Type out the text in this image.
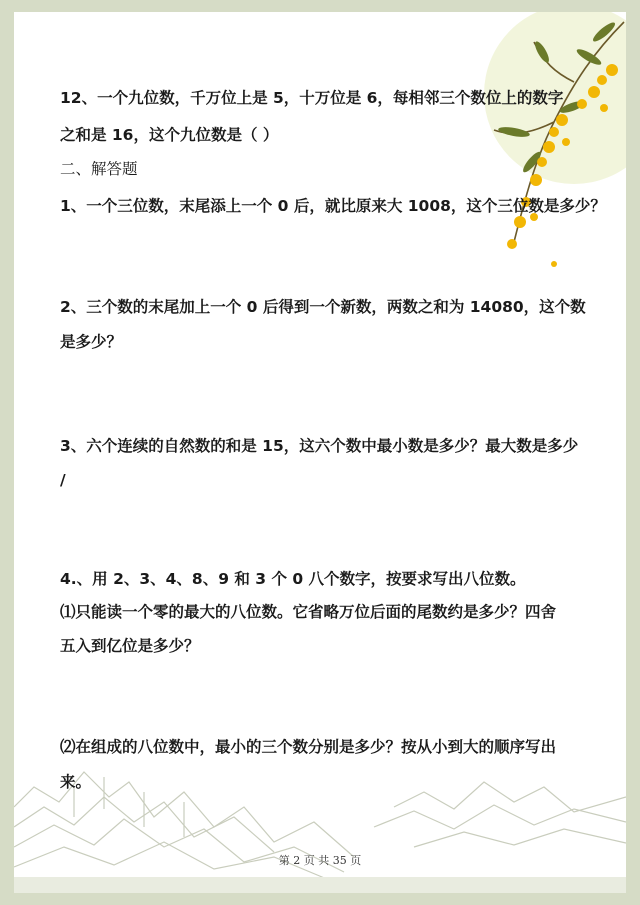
12、一个九位数，千万位上是 5，十万位是 6，每相邻三个数位上的数字

之和是 16，这个九位数是（ ）

二、解答题

1、一个三位数，末尾添上一个 0 后，就比原来大 1008，这个三位数是多少？

2、三个数的末尾加上一个 0 后得到一个新数，两数之和为 14080，这个数

是多少？

3、六个连续的自然数的和是 15，这六个数中最小数是多少？最大数是多少

/

4.、用 2、3、4、8、9 和 3 个 0 八个数字，按要求写出八位数。

⑴只能读一个零的最大的八位数。它省略万位后面的尾数约是多少？四舍

五入到亿位是多少？

⑵在组成的八位数中，最小的三个数分别是多少？按从小到大的顺序写出

来。

第 2 页 共 35 页
